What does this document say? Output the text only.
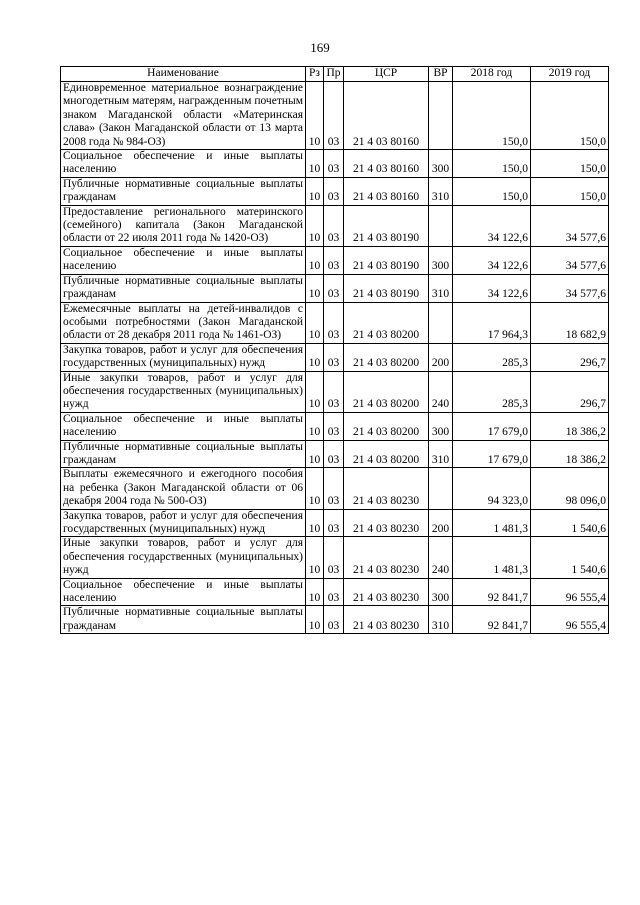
169
Наименование	Рз	Пр	ЦСР	ВР	2018 год	2019 год
Единовременное материальное вознаграждение многодетным матерям, награжденным почетным знаком Магаданской области «Материнская слава» (Закон Магаданской области от 13 марта 2008 года № 984-ОЗ)	10	03	21 4 03 80160		150,0	150,0
Социальное обеспечение и иные выплаты населению	10	03	21 4 03 80160	300	150,0	150,0
Публичные нормативные социальные выплаты гражданам	10	03	21 4 03 80160	310	150,0	150,0
Предоставление регионального материнского (семейного) капитала (Закон Магаданской области от 22 июля 2011 года № 1420-ОЗ)	10	03	21 4 03 80190		34 122,6	34 577,6
Социальное обеспечение и иные выплаты населению	10	03	21 4 03 80190	300	34 122,6	34 577,6
Публичные нормативные социальные выплаты гражданам	10	03	21 4 03 80190	310	34 122,6	34 577,6
Ежемесячные выплаты на детей-инвалидов с особыми потребностями (Закон Магаданской области от 28 декабря 2011 года № 1461-ОЗ)	10	03	21 4 03 80200		17 964,3	18 682,9
Закупка товаров, работ и услуг для обеспечения государственных (муниципальных) нужд	10	03	21 4 03 80200	200	285,3	296,7
Иные закупки товаров, работ и услуг для обеспечения государственных (муниципальных) нужд	10	03	21 4 03 80200	240	285,3	296,7
Социальное обеспечение и иные выплаты населению	10	03	21 4 03 80200	300	17 679,0	18 386,2
Публичные нормативные социальные выплаты гражданам	10	03	21 4 03 80200	310	17 679,0	18 386,2
Выплаты ежемесячного и ежегодного пособия на ребенка (Закон Магаданской области от 06 декабря 2004 года № 500-ОЗ)	10	03	21 4 03 80230		94 323,0	98 096,0
Закупка товаров, работ и услуг для обеспечения государственных (муниципальных) нужд	10	03	21 4 03 80230	200	1 481,3	1 540,6
Иные закупки товаров, работ и услуг для обеспечения государственных (муниципальных) нужд	10	03	21 4 03 80230	240	1 481,3	1 540,6
Социальное обеспечение и иные выплаты населению	10	03	21 4 03 80230	300	92 841,7	96 555,4
Публичные нормативные социальные выплаты гражданам	10	03	21 4 03 80230	310	92 841,7	96 555,4
